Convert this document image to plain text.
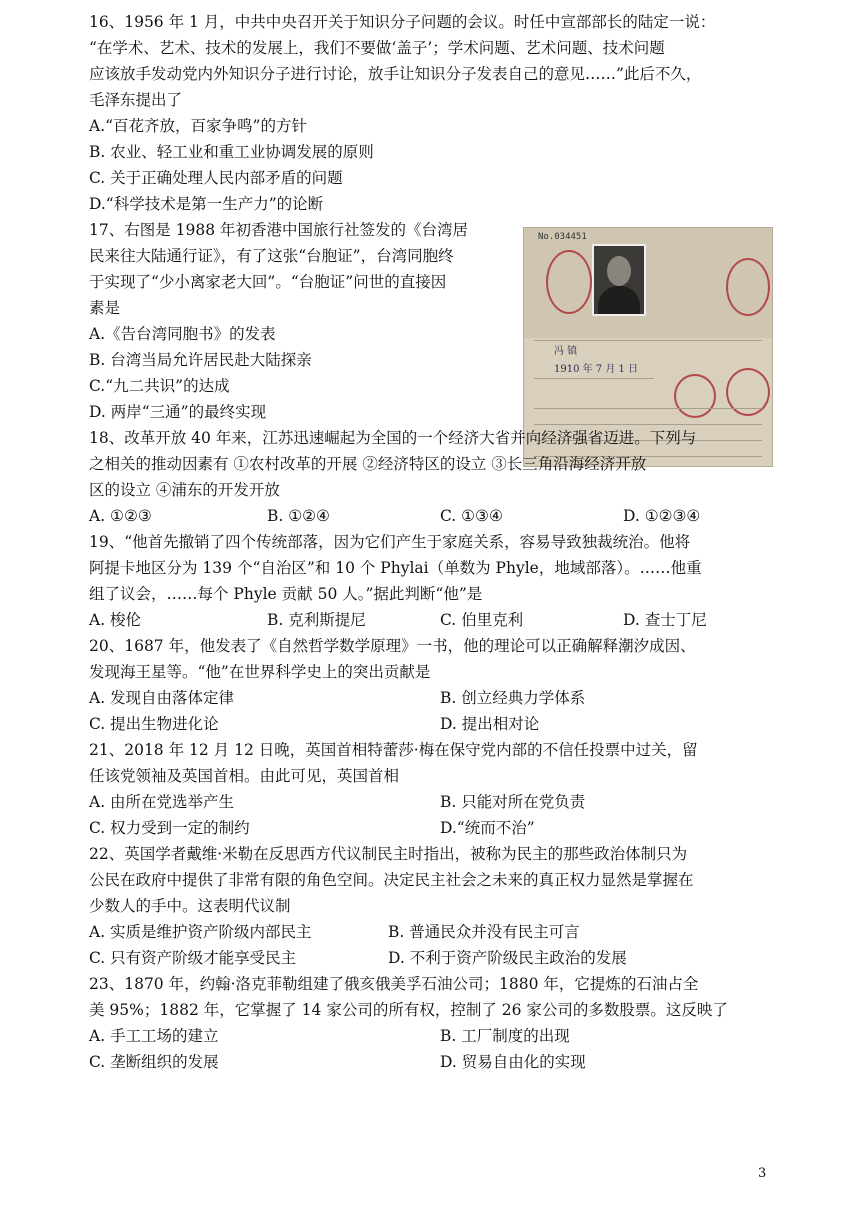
16、1956 年 1 月，中共中央召开关于知识分子问题的会议。时任中宣部部长的陆定一说：
“在学术、艺术、技术的发展上，我们不要做‘盖子’；学术问题、艺术问题、技术问题
应该放手发动党内外知识分子进行讨论，放手让知识分子发表自己的意见……”此后不久，
毛泽东提出了
A.“百花齐放，百家争鸣”的方针
B. 农业、轻工业和重工业协调发展的原则
C. 关于正确处理人民内部矛盾的问题
D.“科学技术是第一生产力”的论断
17、右图是 1988 年初香港中国旅行社签发的《台湾居
民来往大陆通行证》，有了这张“台胞证”，台湾同胞终
于实现了“少小离家老大回”。“台胞证”问世的直接因
素是
A.《告台湾同胞书》的发表
B. 台湾当局允许居民赴大陆探亲
C.“九二共识”的达成
D. 两岸“三通”的最终实现
No.034451
冯 镇
1910 年 7 月 1 日
18、改革开放 40 年来，江苏迅速崛起为全国的一个经济大省并向经济强省迈进。下列与
之相关的推动因素有 ①农村改革的开展 ②经济特区的设立 ③长三角沿海经济开放
区的设立 ④浦东的开发开放
A. ①②③	B. ①②④	C. ①③④	D. ①②③④
19、“他首先撤销了四个传统部落，因为它们产生于家庭关系，容易导致独裁统治。他将
阿提卡地区分为 139 个“自治区”和 10 个 Phylai（单数为 Phyle，地域部落）。……他重
组了议会，……每个 Phyle 贡献 50 人。”据此判断“他”是
A. 梭伦	B. 克利斯提尼	C. 伯里克利	D. 查士丁尼
20、1687 年，他发表了《自然哲学数学原理》一书，他的理论可以正确解释潮汐成因、
发现海王星等。“他”在世界科学史上的突出贡献是
A. 发现自由落体定律	B. 创立经典力学体系
C. 提出生物进化论	D. 提出相对论
21、2018 年 12 月 12 日晚，英国首相特蕾莎·梅在保守党内部的不信任投票中过关，留
任该党领袖及英国首相。由此可见，英国首相
A. 由所在党选举产生	B. 只能对所在党负责
C. 权力受到一定的制约	D.“统而不治”
22、英国学者戴维·米勒在反思西方代议制民主时指出，被称为民主的那些政治体制只为
公民在政府中提供了非常有限的角色空间。决定民主社会之未来的真正权力显然是掌握在
少数人的手中。这表明代议制
A. 实质是维护资产阶级内部民主	B. 普通民众并没有民主可言
C. 只有资产阶级才能享受民主	D. 不利于资产阶级民主政治的发展
23、1870 年，约翰·洛克菲勒组建了俄亥俄美孚石油公司；1880 年，它提炼的石油占全
美 95%；1882 年，它掌握了 14 家公司的所有权，控制了 26 家公司的多数股票。这反映了
A. 手工工场的建立	B. 工厂制度的出现
C. 垄断组织的发展	D. 贸易自由化的实现
3
